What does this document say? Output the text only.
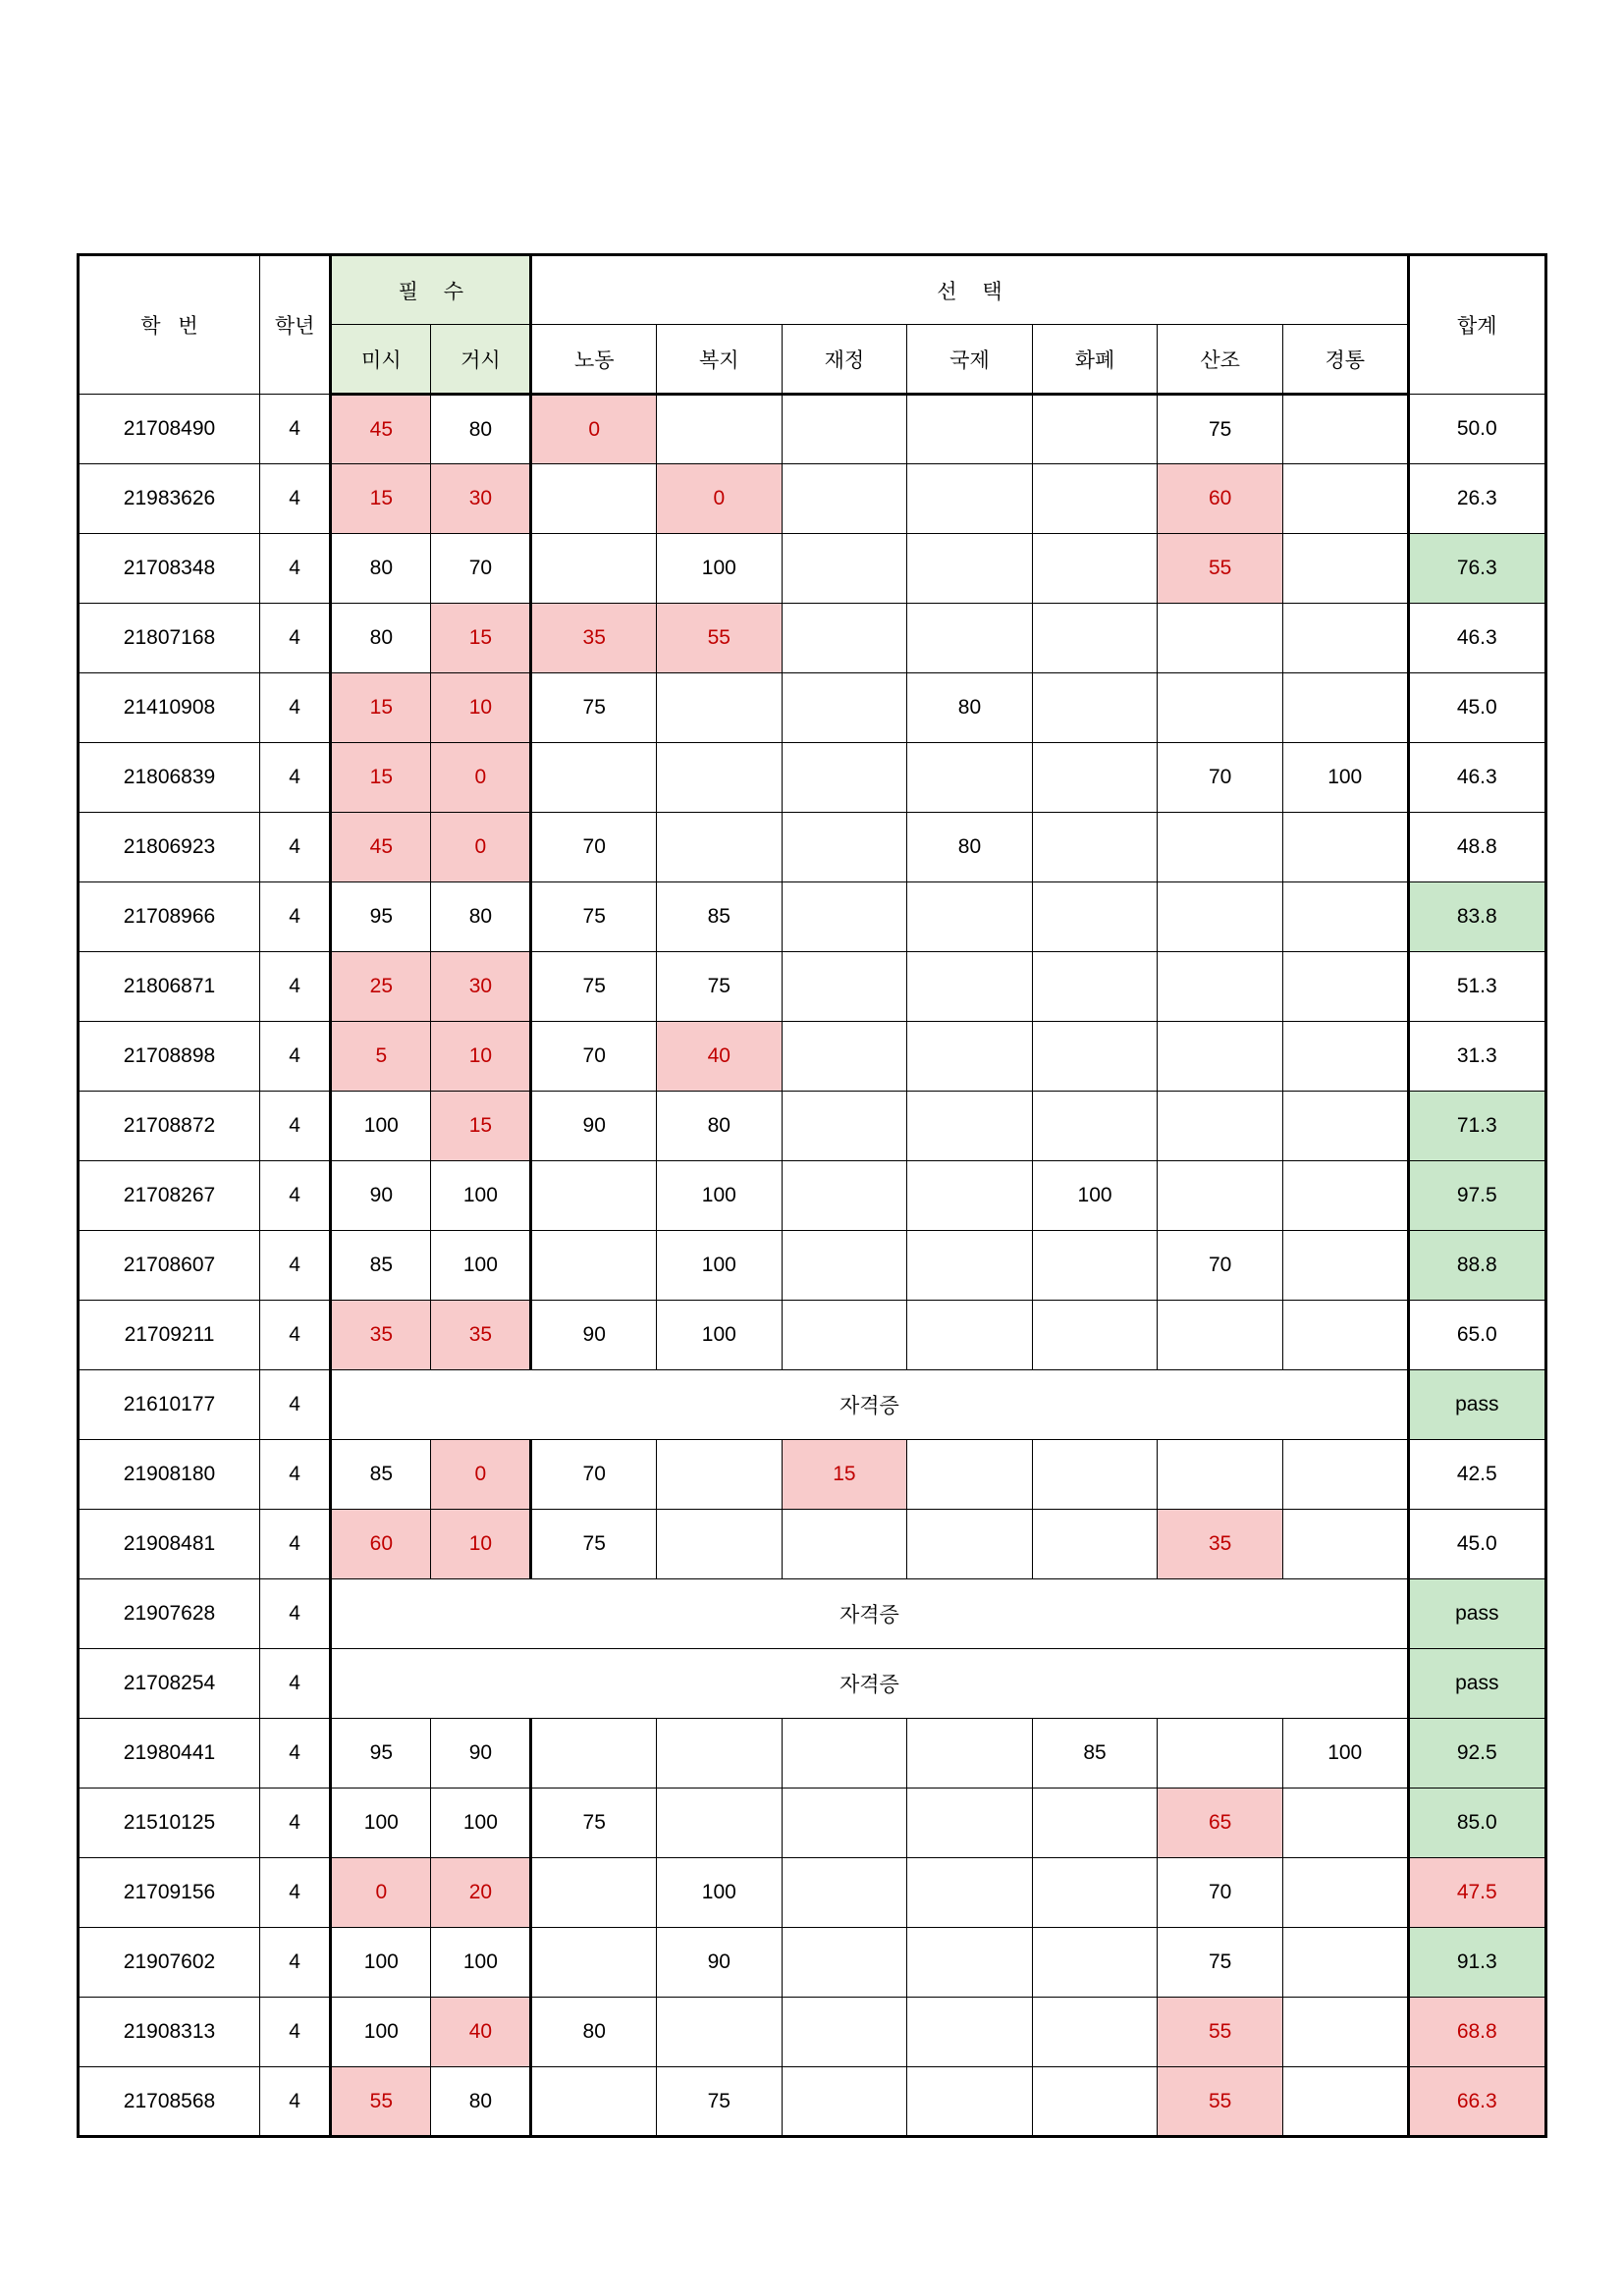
학 번	학년	필 수		선 택							합계
		미시	거시	노동	복지	재정	국제	화폐	산조	경통	
21708490	4	45	80	0					75		50.0
21983626	4	15	30		0				60		26.3
21708348	4	80	70		100				55		76.3
21807168	4	80	15	35	55						46.3
21410908	4	15	10	75			80				45.0
21806839	4	15	0						70	100	46.3
21806923	4	45	0	70			80				48.8
21708966	4	95	80	75	85						83.8
21806871	4	25	30	75	75						51.3
21708898	4	5	10	70	40						31.3
21708872	4	100	15	90	80						71.3
21708267	4	90	100		100			100			97.5
21708607	4	85	100		100				70		88.8
21709211	4	35	35	90	100						65.0
21610177	4	자격증									pass
21908180	4	85	0	70		15					42.5
21908481	4	60	10	75					35		45.0
21907628	4	자격증									pass
21708254	4	자격증									pass
21980441	4	95	90					85		100	92.5
21510125	4	100	100	75					65		85.0
21709156	4	0	20		100				70		47.5
21907602	4	100	100		90				75		91.3
21908313	4	100	40	80					55		68.8
21708568	4	55	80		75				55		66.3
